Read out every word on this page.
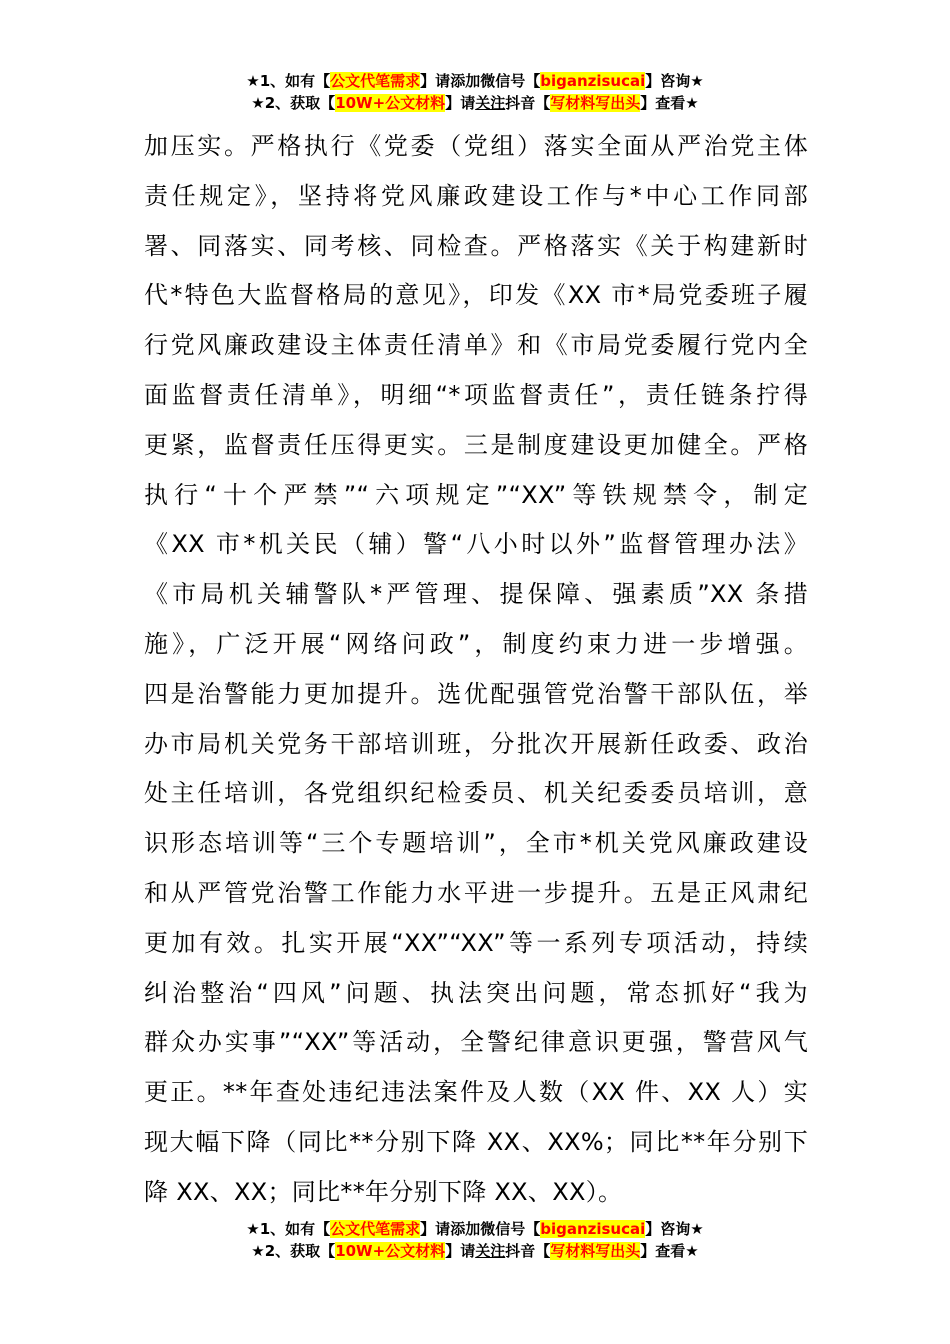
★1、如有【公文代笔需求】请添加微信号【biganzisucai】咨询★
★2、获取【10W+公文材料】请关注抖音【写材料写出头】查看★
加压实。严格执行《党委（党组）落实全面从严治党主体
责任规定》，坚持将党风廉政建设工作与*中心工作同部
署、同落实、同考核、同检查。严格落实《关于构建新时
代*特色大监督格局的意见》，印发《XX 市*局党委班子履
行党风廉政建设主体责任清单》和《市局党委履行党内全
面监督责任清单》，明细“*项监督责任”，责任链条拧得
更紧，监督责任压得更实。三是制度建设更加健全。严格
执行“十个严禁”“六项规定”“XX”等铁规禁令，制定
《XX 市*机关民（辅）警“八小时以外”监督管理办法》
《市局机关辅警队*严管理、提保障、强素质”XX 条措
施》，广泛开展“网络问政”，制度约束力进一步增强。
四是治警能力更加提升。选优配强管党治警干部队伍，举
办市局机关党务干部培训班，分批次开展新任政委、政治
处主任培训，各党组织纪检委员、机关纪委委员培训，意
识形态培训等“三个专题培训”，全市*机关党风廉政建设
和从严管党治警工作能力水平进一步提升。五是正风肃纪
更加有效。扎实开展“XX”“XX”等一系列专项活动，持续
纠治整治“四风”问题、执法突出问题，常态抓好“我为
群众办实事”“XX”等活动，全警纪律意识更强，警营风气
更正。**年查处违纪违法案件及人数（XX 件、XX 人）实
现大幅下降（同比**分别下降 XX、XX%；同比**年分别下
降 XX、XX；同比**年分别下降 XX、XX）。
★1、如有【公文代笔需求】请添加微信号【biganzisucai】咨询★
★2、获取【10W+公文材料】请关注抖音【写材料写出头】查看★
